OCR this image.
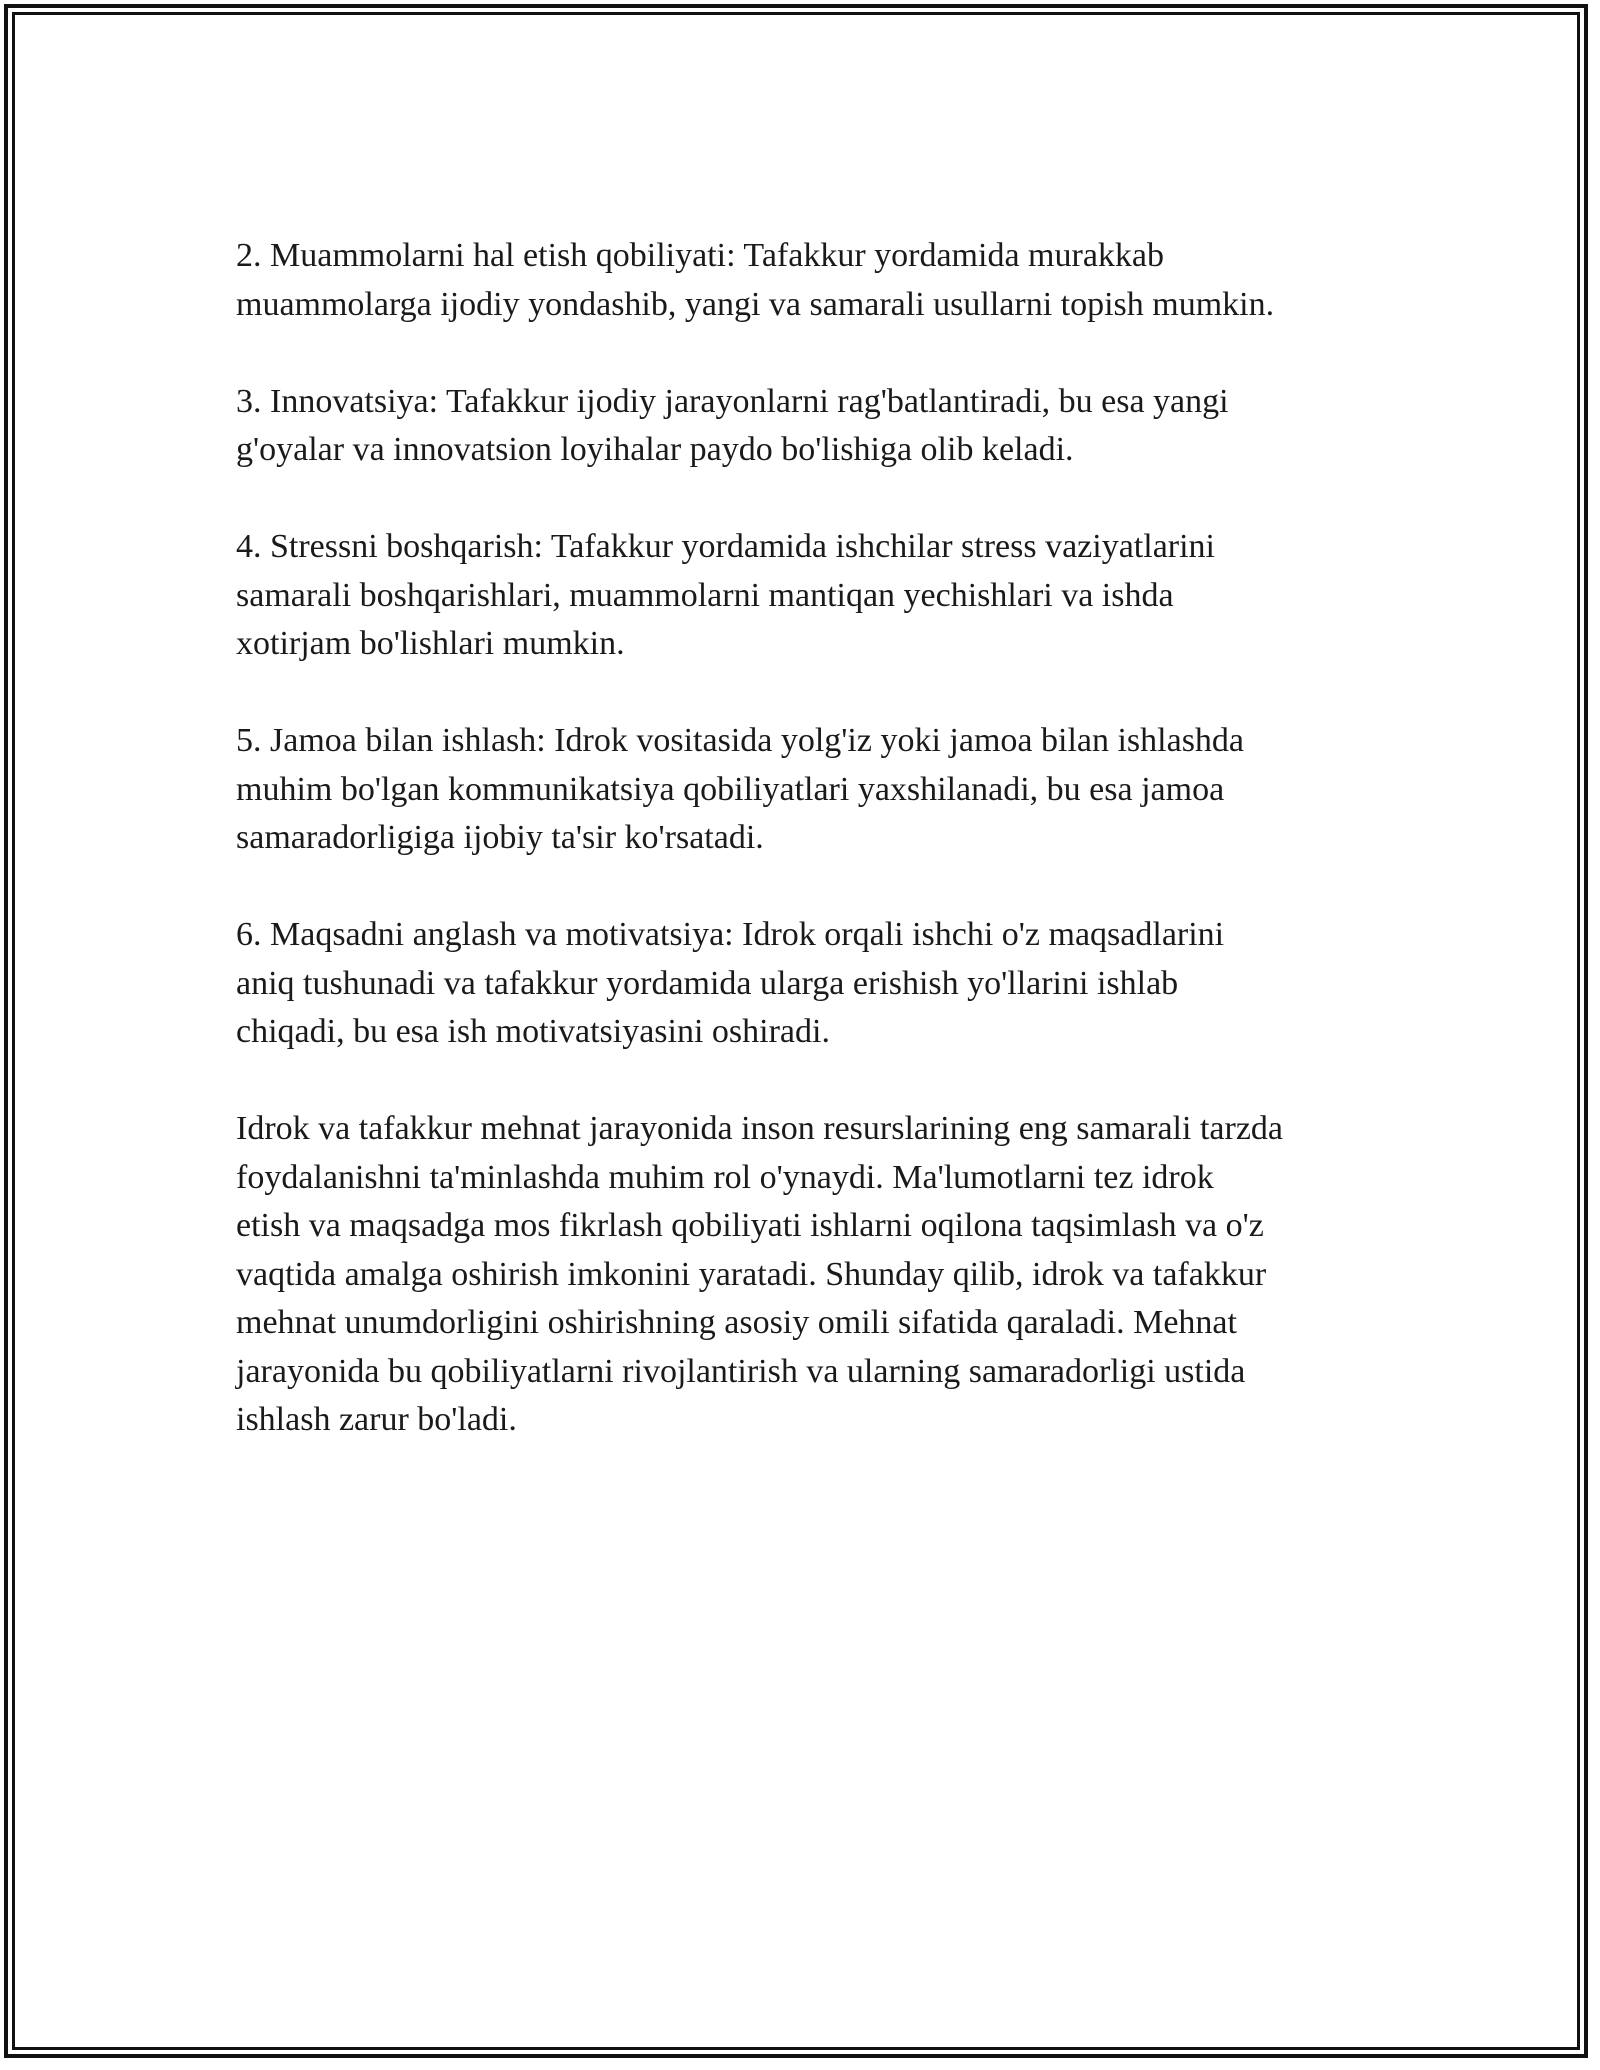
2. Muammolarni hal etish qobiliyati: Tafakkur yordamida murakkab
muammolarga ijodiy yondashib, yangi va samarali usullarni topish mumkin.

3. Innovatsiya: Tafakkur ijodiy jarayonlarni rag'batlantiradi, bu esa yangi
g'oyalar va innovatsion loyihalar paydo bo'lishiga olib keladi.

4. Stressni boshqarish: Tafakkur yordamida ishchilar stress vaziyatlarini
samarali boshqarishlari, muammolarni mantiqan yechishlari va ishda
xotirjam bo'lishlari mumkin.

5. Jamoa bilan ishlash: Idrok vositasida yolg'iz yoki jamoa bilan ishlashda
muhim bo'lgan kommunikatsiya qobiliyatlari yaxshilanadi, bu esa jamoa
samaradorligiga ijobiy ta'sir ko'rsatadi.

6. Maqsadni anglash va motivatsiya: Idrok orqali ishchi o'z maqsadlarini
aniq tushunadi va tafakkur yordamida ularga erishish yo'llarini ishlab
chiqadi, bu esa ish motivatsiyasini oshiradi.

Idrok va tafakkur mehnat jarayonida inson resurslarining eng samarali tarzda
foydalanishni ta'minlashda muhim rol o'ynaydi. Ma'lumotlarni tez idrok
etish va maqsadga mos fikrlash qobiliyati ishlarni oqilona taqsimlash va o'z
vaqtida amalga oshirish imkonini yaratadi. Shunday qilib, idrok va tafakkur
mehnat unumdorligini oshirishning asosiy omili sifatida qaraladi. Mehnat
jarayonida bu qobiliyatlarni rivojlantirish va ularning samaradorligi ustida
ishlash zarur bo'ladi.
